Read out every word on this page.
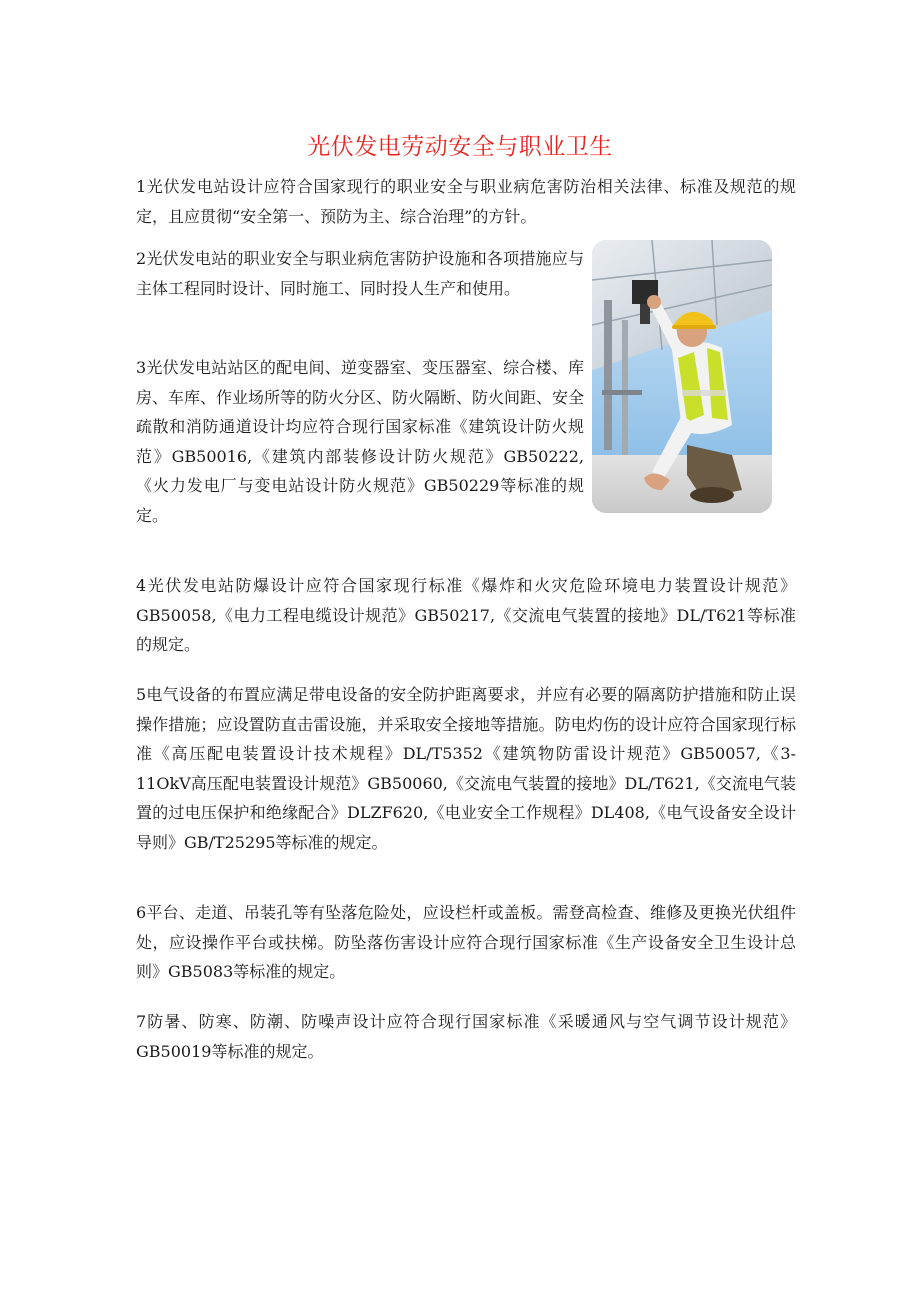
光伏发电劳动安全与职业卫生

1光伏发电站设计应符合国家现行的职业安全与职业病危害防治相关法律、标准及规范的规定，且应贯彻“安全第一、预防为主、综合治理”的方针。

2光伏发电站的职业安全与职业病危害防护设施和各项措施应与主体工程同时设计、同时施工、同时投人生产和使用。

3光伏发电站站区的配电间、逆变器室、变压器室、综合楼、库房、车库、作业场所等的防火分区、防火隔断、防火间距、安全疏散和消防通道设计均应符合现行国家标准《建筑设计防火规范》GB50016,《建筑内部装修设计防火规范》GB50222,《火力发电厂与变电站设计防火规范》GB50229等标准的规定。

4光伏发电站防爆设计应符合国家现行标准《爆炸和火灾危险环境电力装置设计规范》GB50058,《电力工程电缆设计规范》GB50217,《交流电气装置的接地》DL/T621等标准的规定。

5电气设备的布置应满足带电设备的安全防护距离要求，并应有必要的隔离防护措施和防止误操作措施；应设置防直击雷设施，并采取安全接地等措施。防电灼伤的设计应符合国家现行标准《高压配电装置设计技术规程》DL/T5352《建筑物防雷设计规范》GB50057,《3-11OkV高压配电装置设计规范》GB50060,《交流电气装置的接地》DL/T621,《交流电气装置的过电压保护和绝缘配合》DLZF620,《电业安全工作规程》DL408,《电气设备安全设计导则》GB/T25295等标准的规定。

6平台、走道、吊装孔等有坠落危险处，应设栏杆或盖板。需登高检查、维修及更换光伏组件处，应设操作平台或扶梯。防坠落伤害设计应符合现行国家标准《生产设备安全卫生设计总则》GB5083等标准的规定。

7防暑、防寒、防潮、防噪声设计应符合现行国家标准《采暖通风与空气调节设计规范》GB50019等标准的规定。
